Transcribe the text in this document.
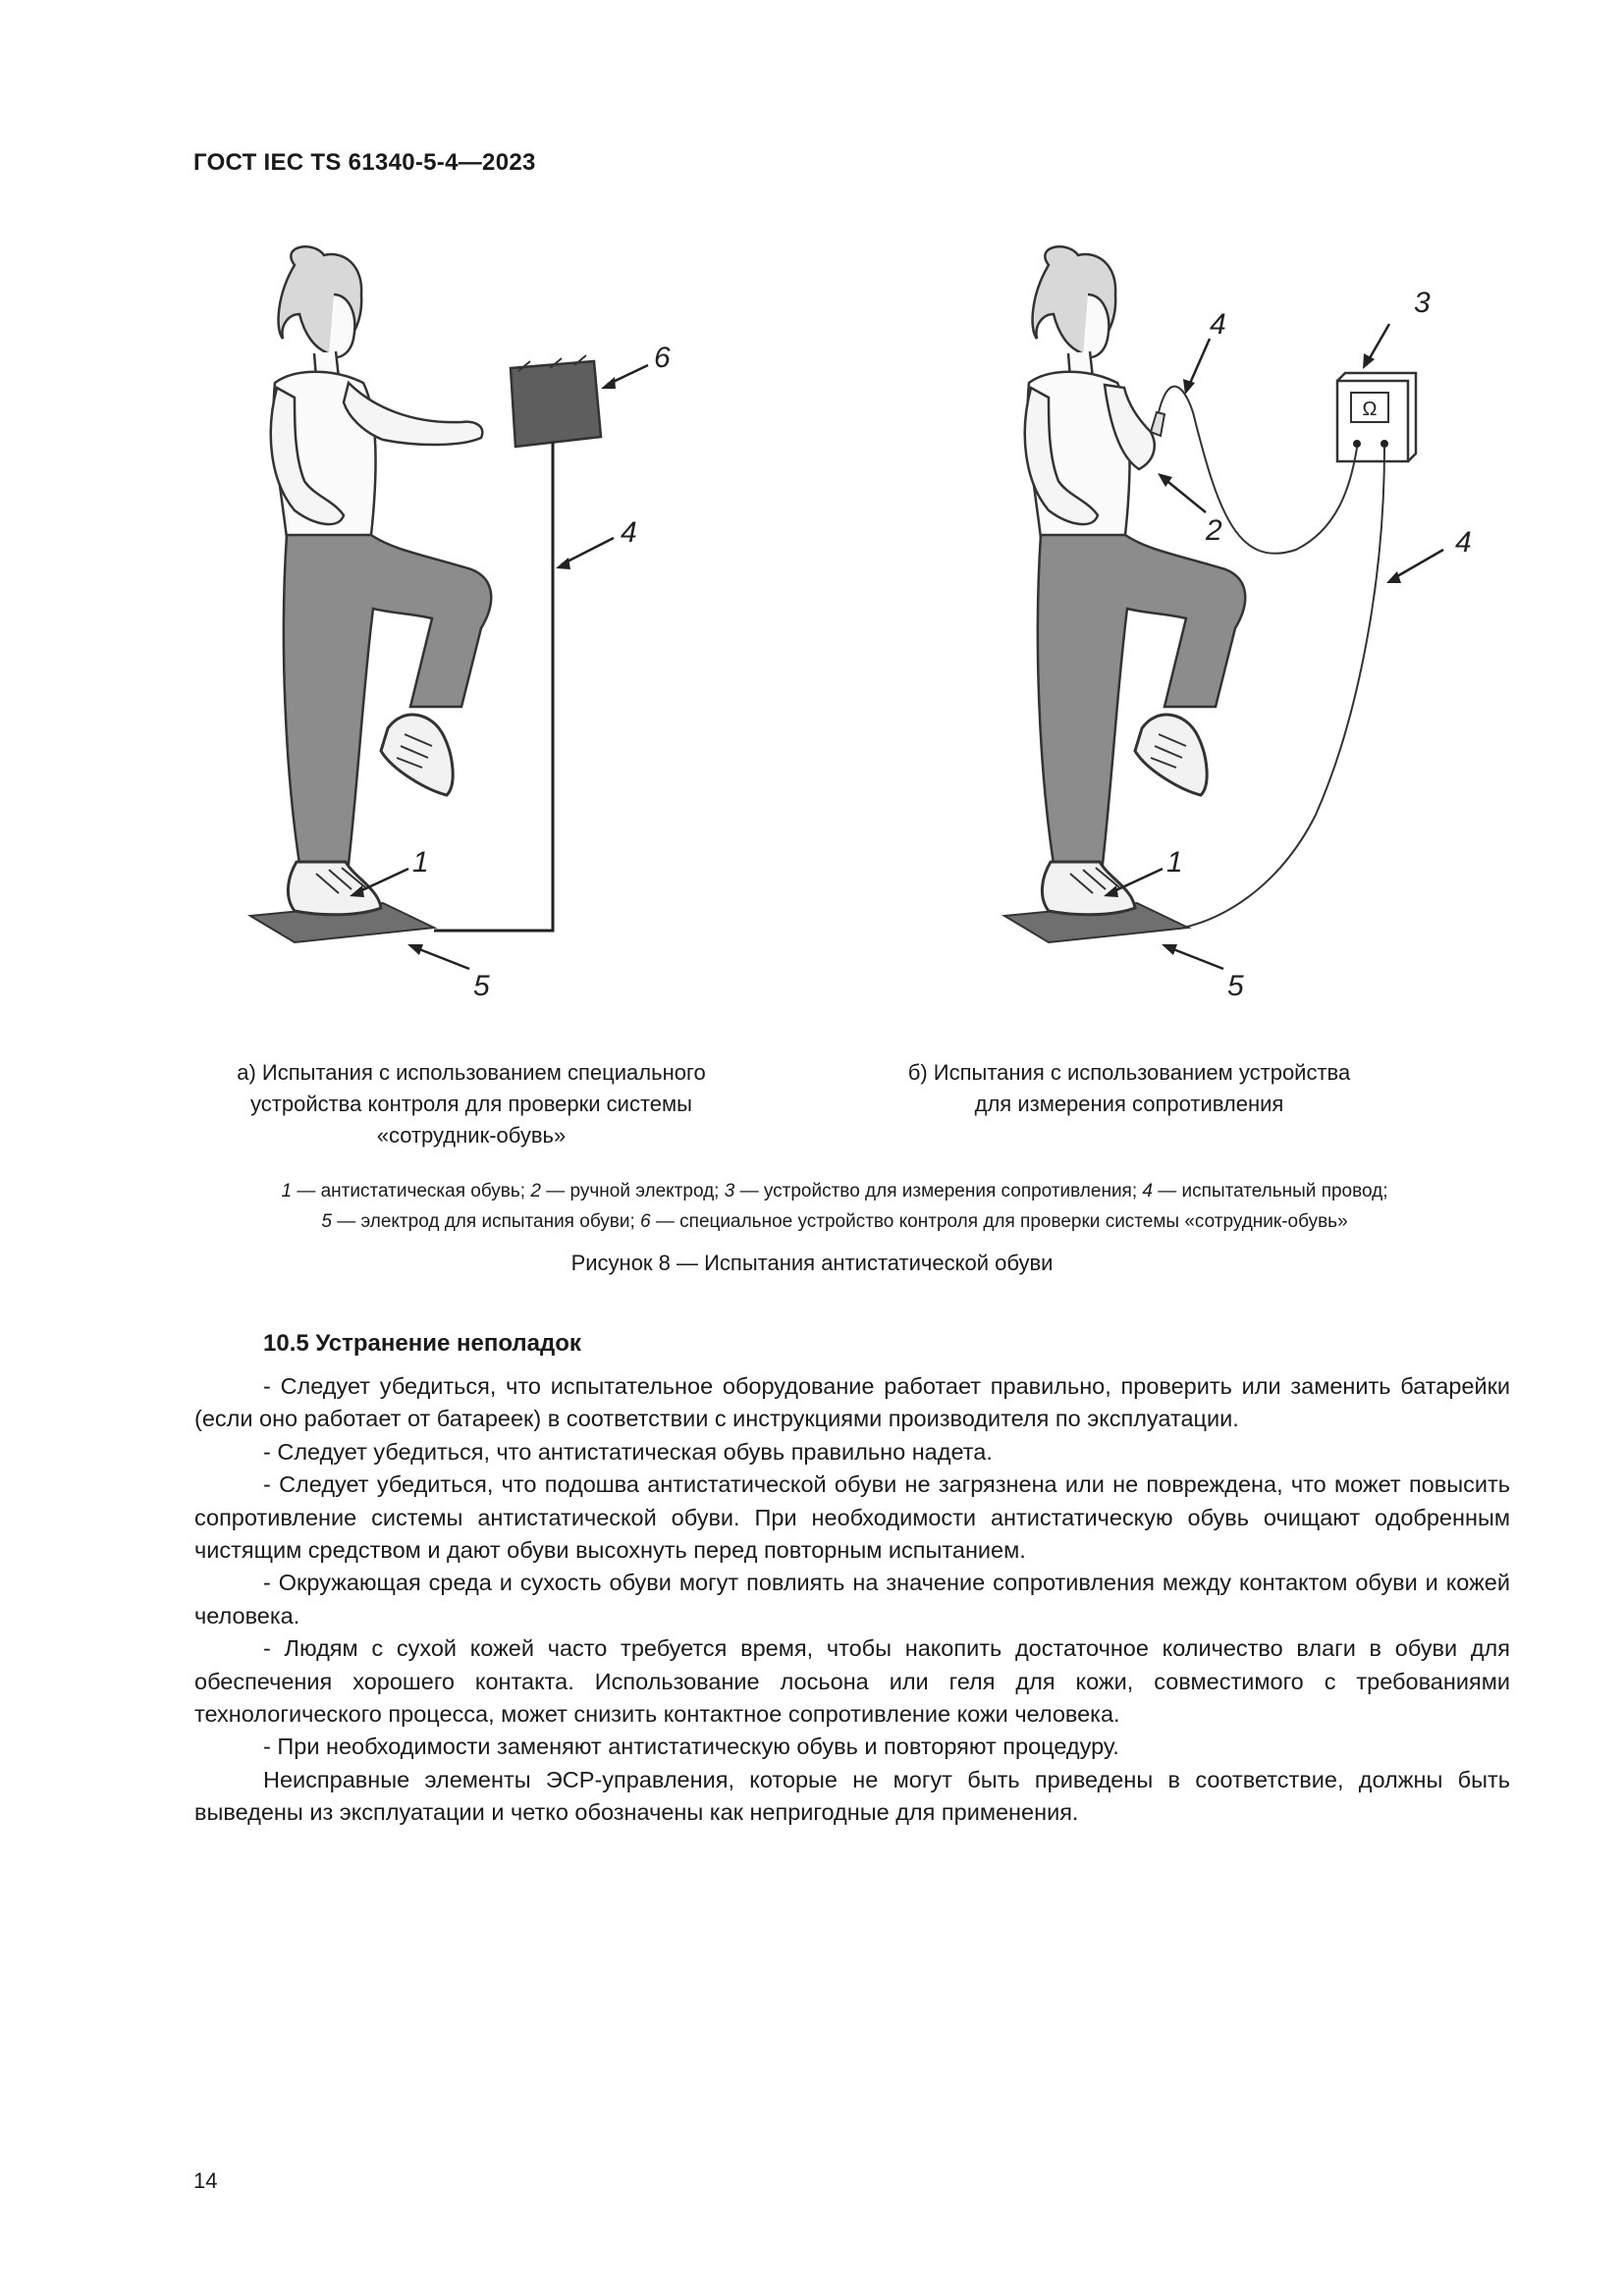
ГОСТ IEC TS 61340-5-4—2023
6
4
1
5
Ω
3
4
2	4
1
5
а) Испытания с использованием специального
устройства контроля для проверки системы
«сотрудник-обувь»
б) Испытания с использованием устройства
для измерения сопротивления
1 — антистатическая обувь; 2 — ручной электрод; 3 — устройство для измерения сопротивления; 4 — испытательный провод;
5 — электрод для испытания обуви; 6 — специальное устройство контроля для проверки системы «сотрудник-обувь»
Рисунок 8 — Испытания антистатической обуви
10.5 Устранение неполадок

- Следует убедиться, что испытательное оборудование работает правильно, проверить или заменить батарейки (если оно работает от батареек) в соответствии с инструкциями производителя по эксплуатации.

- Следует убедиться, что антистатическая обувь правильно надета.

- Следует убедиться, что подошва антистатической обуви не загрязнена или не повреждена, что может повысить сопротивление системы антистатической обуви. При необходимости антистатическую обувь очищают одобренным чистящим средством и дают обуви высохнуть перед повторным испытанием.

- Окружающая среда и сухость обуви могут повлиять на значение сопротивления между контактом обуви и кожей человека.

- Людям с сухой кожей часто требуется время, чтобы накопить достаточное количество влаги в обуви для обеспечения хорошего контакта. Использование лосьона или геля для кожи, совместимого с требованиями технологического процесса, может снизить контактное сопротивление кожи человека.

- При необходимости заменяют антистатическую обувь и повторяют процедуру.

Неисправные элементы ЭСР-управления, которые не могут быть приведены в соответствие, должны быть выведены из эксплуатации и четко обозначены как непригодные для применения.

14
